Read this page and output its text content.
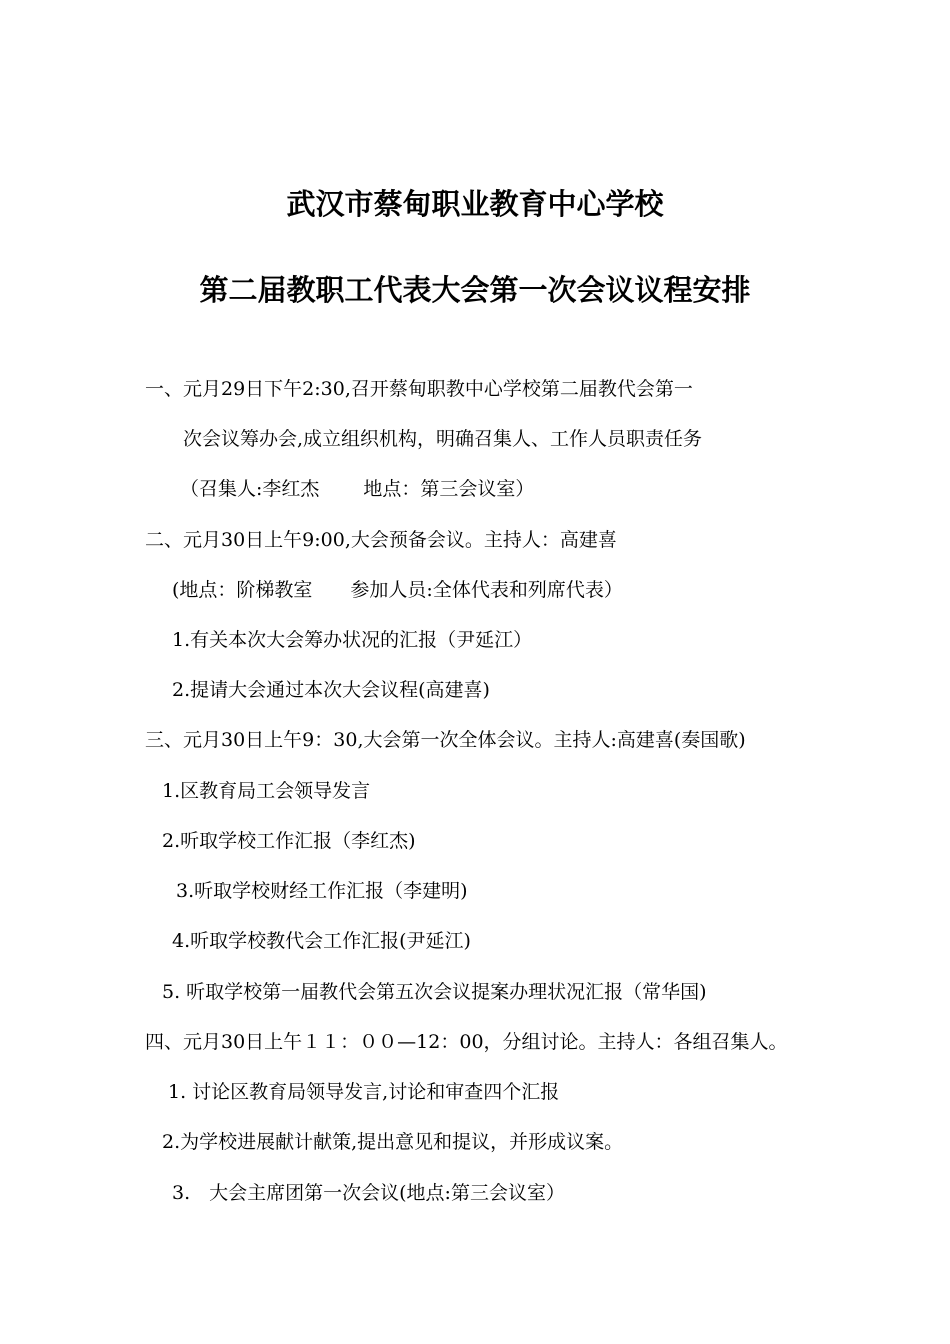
武汉市蔡甸职业教育中心学校
第二届教职工代表大会第一次会议议程安排
一、元月29日下午2:30,召开蔡甸职教中心学校第二届教代会第一
次会议筹办会,成立组织机构，明确召集人、工作人员职责任务
（召集人:李红杰 地点：第三会议室）
二、元月30日上午9:00,大会预备会议。主持人：高建喜
(地点：阶梯教室 参加人员:全体代表和列席代表）
1.有关本次大会筹办状况的汇报（尹延江）
2.提请大会通过本次大会议程(高建喜)
三、元月30日上午9：30,大会第一次全体会议。主持人:高建喜(奏国歌)
1.区教育局工会领导发言
2.听取学校工作汇报（李红杰)
3.听取学校财经工作汇报（李建明)
4.听取学校教代会工作汇报(尹延江)
5. 听取学校第一届教代会第五次会议提案办理状况汇报（常华国)
四、元月30日上午１１：００—12：00，分组讨论。主持人：各组召集人。
1. 讨论区教育局领导发言,讨论和审查四个汇报
2.为学校进展献计献策,提出意见和提议，并形成议案。
3.　大会主席团第一次会议(地点:第三会议室）
